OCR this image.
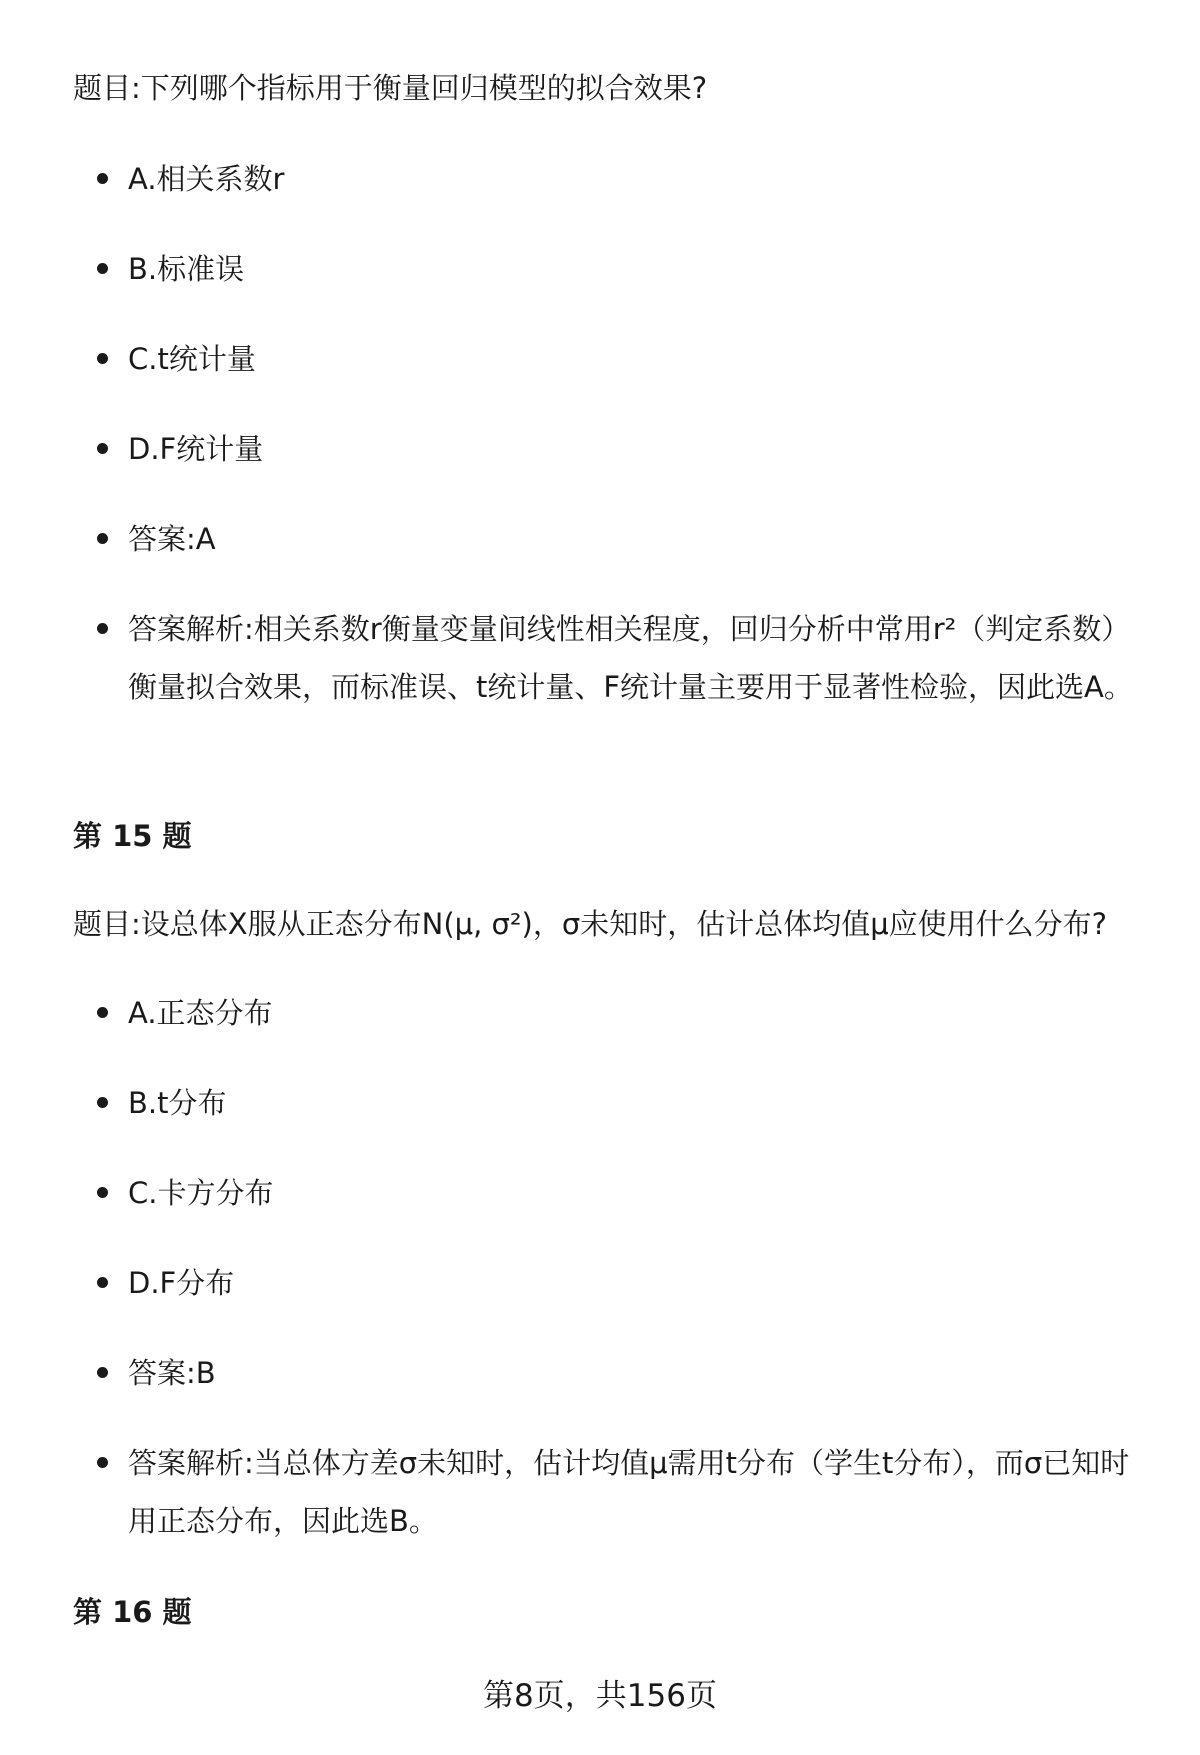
题目:下列哪个指标用于衡量回归模型的拟合效果?

A.相关系数r
B.标准误
C.t统计量
D.F统计量
答案:A
答案解析:相关系数r衡量变量间线性相关程度，回归分析中常用r²（判定系数）衡量拟合效果，而标准误、t统计量、F统计量主要用于显著性检验，因此选A。

第 15 题

题目:设总体X服从正态分布N(μ, σ²)，σ未知时，估计总体均值μ应使用什么分布?

A.正态分布
B.t分布
C.卡方分布
D.F分布
答案:B
答案解析:当总体方差σ未知时，估计均值μ需用t分布（学生t分布），而σ已知时用正态分布，因此选B。

第 16 题

第8页，共156页
